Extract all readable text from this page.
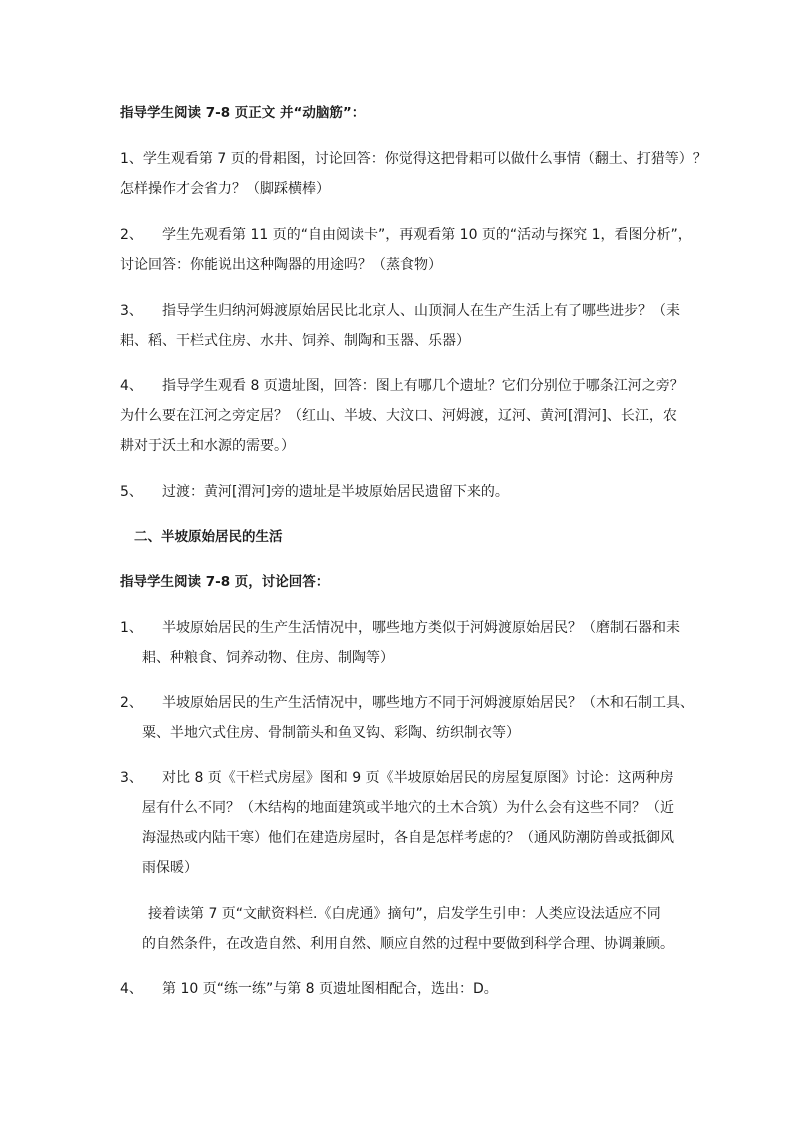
指导学生阅读 7-8 页正文 并“动脑筋”：
1、学生观看第 7 页的骨耜图，讨论回答：你觉得这把骨耜可以做什么事情（翻土、打猎等）？
怎样操作才会省力？（脚踩横棒）
2、 学生先观看第 11 页的“自由阅读卡”，再观看第 10 页的“活动与探究 1，看图分析”，
讨论回答：你能说出这种陶器的用途吗？（蒸食物）
3、 指导学生归纳河姆渡原始居民比北京人、山顶洞人在生产生活上有了哪些进步？（耒
耜、稻、干栏式住房、水井、饲养、制陶和玉器、乐器）
4、 指导学生观看 8 页遗址图，回答：图上有哪几个遗址？它们分别位于哪条江河之旁？
为什么要在江河之旁定居？（红山、半坡、大汶口、河姆渡，辽河、黄河[渭河]、长江，农
耕对于沃土和水源的需要。）
5、 过渡：黄河[渭河]旁的遗址是半坡原始居民遗留下来的。
二、半坡原始居民的生活
指导学生阅读 7-8 页，讨论回答：
1、 半坡原始居民的生产生活情况中，哪些地方类似于河姆渡原始居民？（磨制石器和耒
耜、种粮食、饲养动物、住房、制陶等）
2、 半坡原始居民的生产生活情况中，哪些地方不同于河姆渡原始居民？（木和石制工具、
粟、半地穴式住房、骨制箭头和鱼叉钩、彩陶、纺织制衣等）
3、 对比 8 页《干栏式房屋》图和 9 页《半坡原始居民的房屋复原图》讨论：这两种房
屋有什么不同？（木结构的地面建筑或半地穴的土木合筑）为什么会有这些不同？（近
海湿热或内陆干寒）他们在建造房屋时，各自是怎样考虑的？（通风防潮防兽或抵御风
雨保暖）
接着读第 7 页“文献资料栏.《白虎通》摘句”，启发学生引申：人类应设法适应不同
的自然条件，在改造自然、利用自然、顺应自然的过程中要做到科学合理、协调兼顾。
4、 第 10 页“练一练”与第 8 页遗址图相配合，选出：D。
